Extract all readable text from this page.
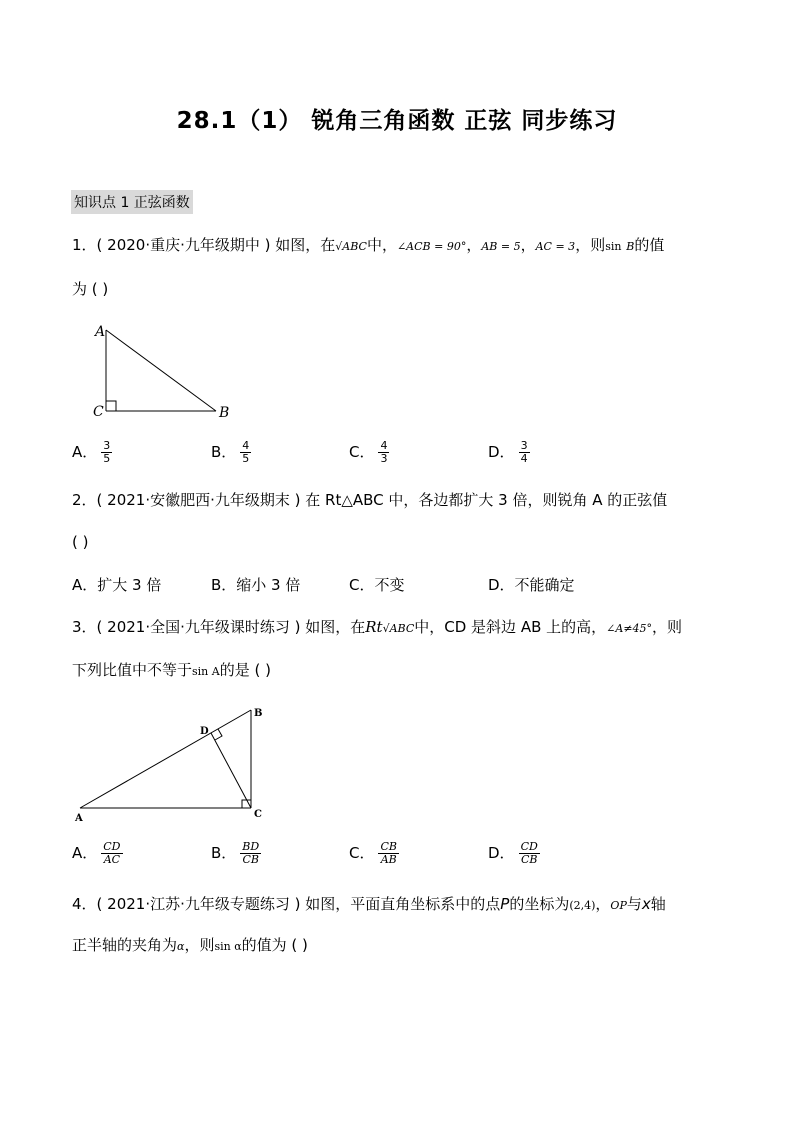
28.1（1） 锐角三角函数 正弦 同步练习
知识点 1 正弦函数
1．( 2020·重庆·九年级期中 ) 如图，在√ABC中，∠ACB = 90°，AB = 5，AC = 3，则sin B的值
为 ( )
A
C	B
A． $\frac{3}{5}$	B． $\frac{4}{5}$	C． $\frac{4}{3}$	D． $\frac{3}{4}$
2．( 2021·安徽肥西·九年级期末 ) 在 Rt△ABC 中，各边都扩大 3 倍，则锐角 A 的正弦值
( )
A．扩大 3 倍	B．缩小 3 倍	C．不变	D．不能确定
3．( 2021·全国·九年级课时练习 ) 如图，在Rt√ABC中，CD 是斜边 AB 上的高，∠A≠45°，则
下列比值中不等于sin A的是 ( )
A
B
C
D
A． $\frac{CD}{AC}$	B． $\frac{BD}{CB}$	C． $\frac{CB}{AB}$	D． $\frac{CD}{CB}$
4．( 2021·江苏·九年级专题练习 ) 如图，平面直角坐标系中的点P的坐标为(2,4)，OP与x轴
正半轴的夹角为α，则sin α的值为 ( )
